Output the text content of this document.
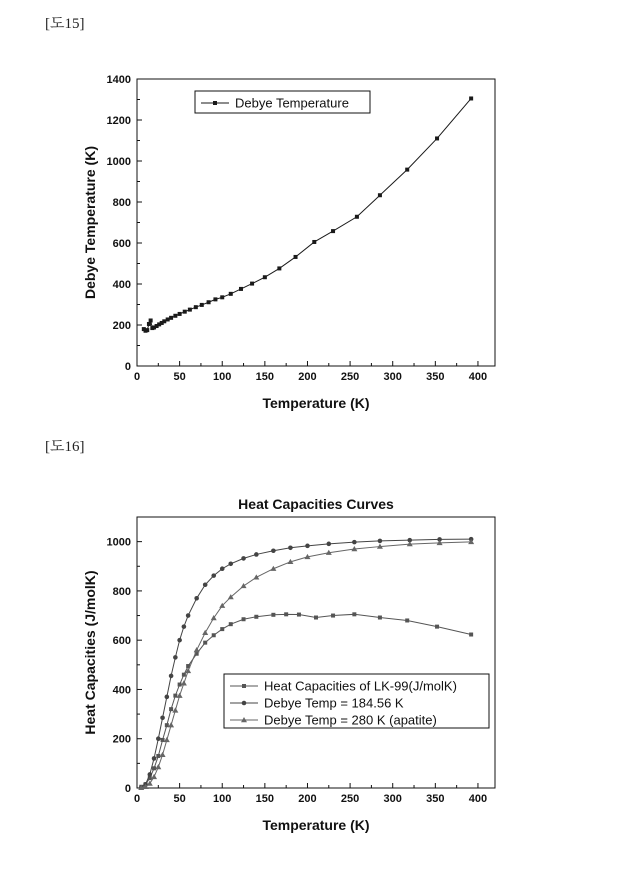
[도15]
0	50 100 150 200 250 300 350 400
0
200
400
600
800
1000
1200
1400
Temperature (K)
Debye Temperature (K)
Debye Temperature
[도16]
0	50 100 150 200 250 300 350 400
0
200
400
600
800
1000
Temperature (K)
Heat Capacities (J/molK)
Heat Capacities Curves
Heat Capacities of LK-99(J/molK)
Debye Temp = 184.56 K
Debye Temp = 280 K (apatite)
